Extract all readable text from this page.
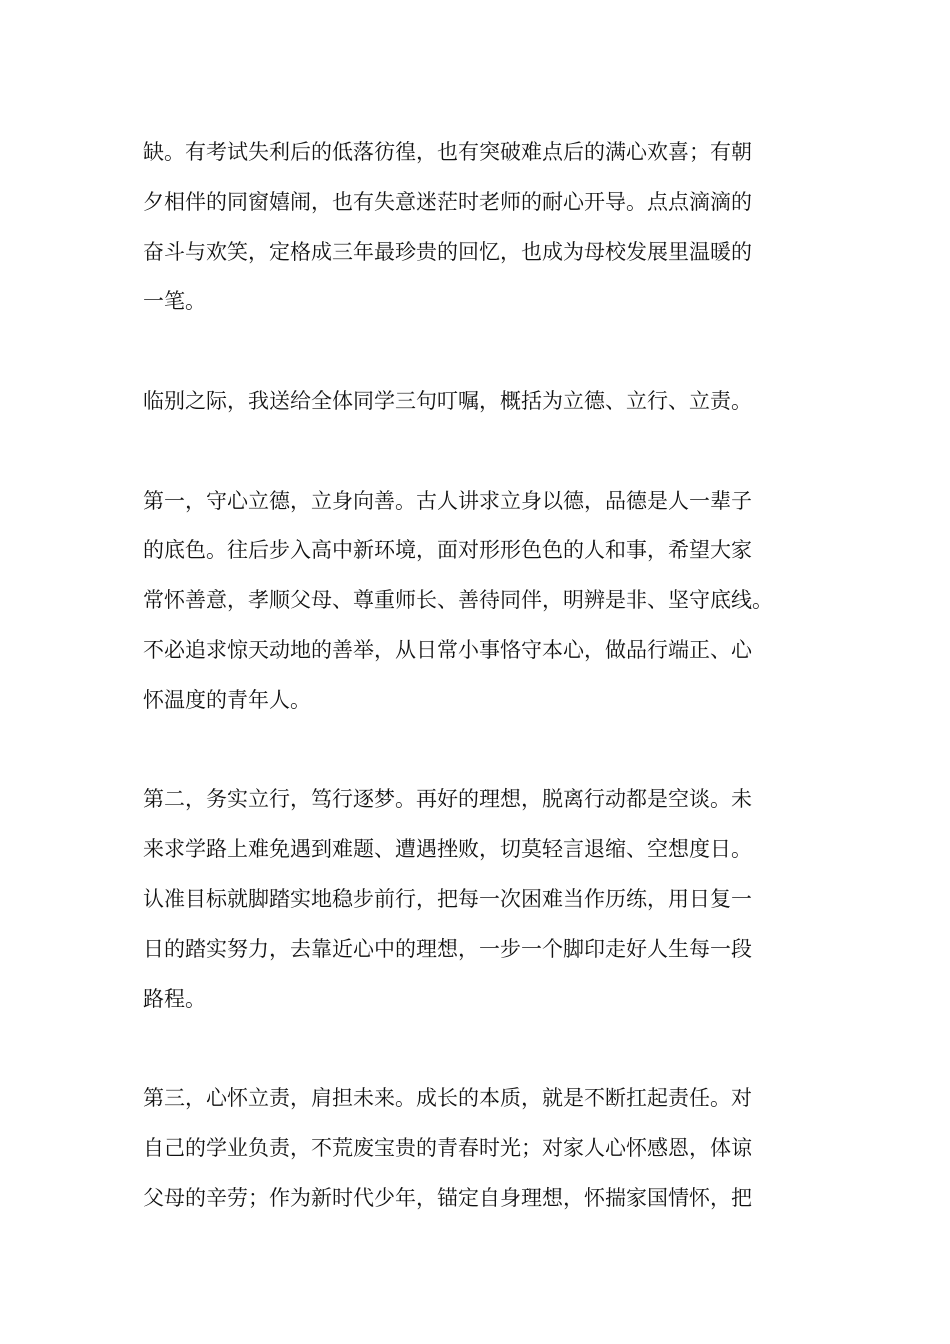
缺。有考试失利后的低落彷徨，也有突破难点后的满心欢喜；有朝
夕相伴的同窗嬉闹，也有失意迷茫时老师的耐心开导。点点滴滴的
奋斗与欢笑，定格成三年最珍贵的回忆，也成为母校发展里温暖的
一笔。

临别之际，我送给全体同学三句叮嘱，概括为立德、立行、立责。

第一，守心立德，立身向善。古人讲求立身以德，品德是人一辈子
的底色。往后步入高中新环境，面对形形色色的人和事，希望大家
常怀善意，孝顺父母、尊重师长、善待同伴，明辨是非、坚守底线。
不必追求惊天动地的善举，从日常小事恪守本心，做品行端正、心
怀温度的青年人。

第二，务实立行，笃行逐梦。再好的理想，脱离行动都是空谈。未
来求学路上难免遇到难题、遭遇挫败，切莫轻言退缩、空想度日。
认准目标就脚踏实地稳步前行，把每一次困难当作历练，用日复一
日的踏实努力，去靠近心中的理想，一步一个脚印走好人生每一段
路程。

第三，心怀立责，肩担未来。成长的本质，就是不断扛起责任。对
自己的学业负责，不荒废宝贵的青春时光；对家人心怀感恩，体谅
父母的辛劳；作为新时代少年，锚定自身理想，怀揣家国情怀，把
